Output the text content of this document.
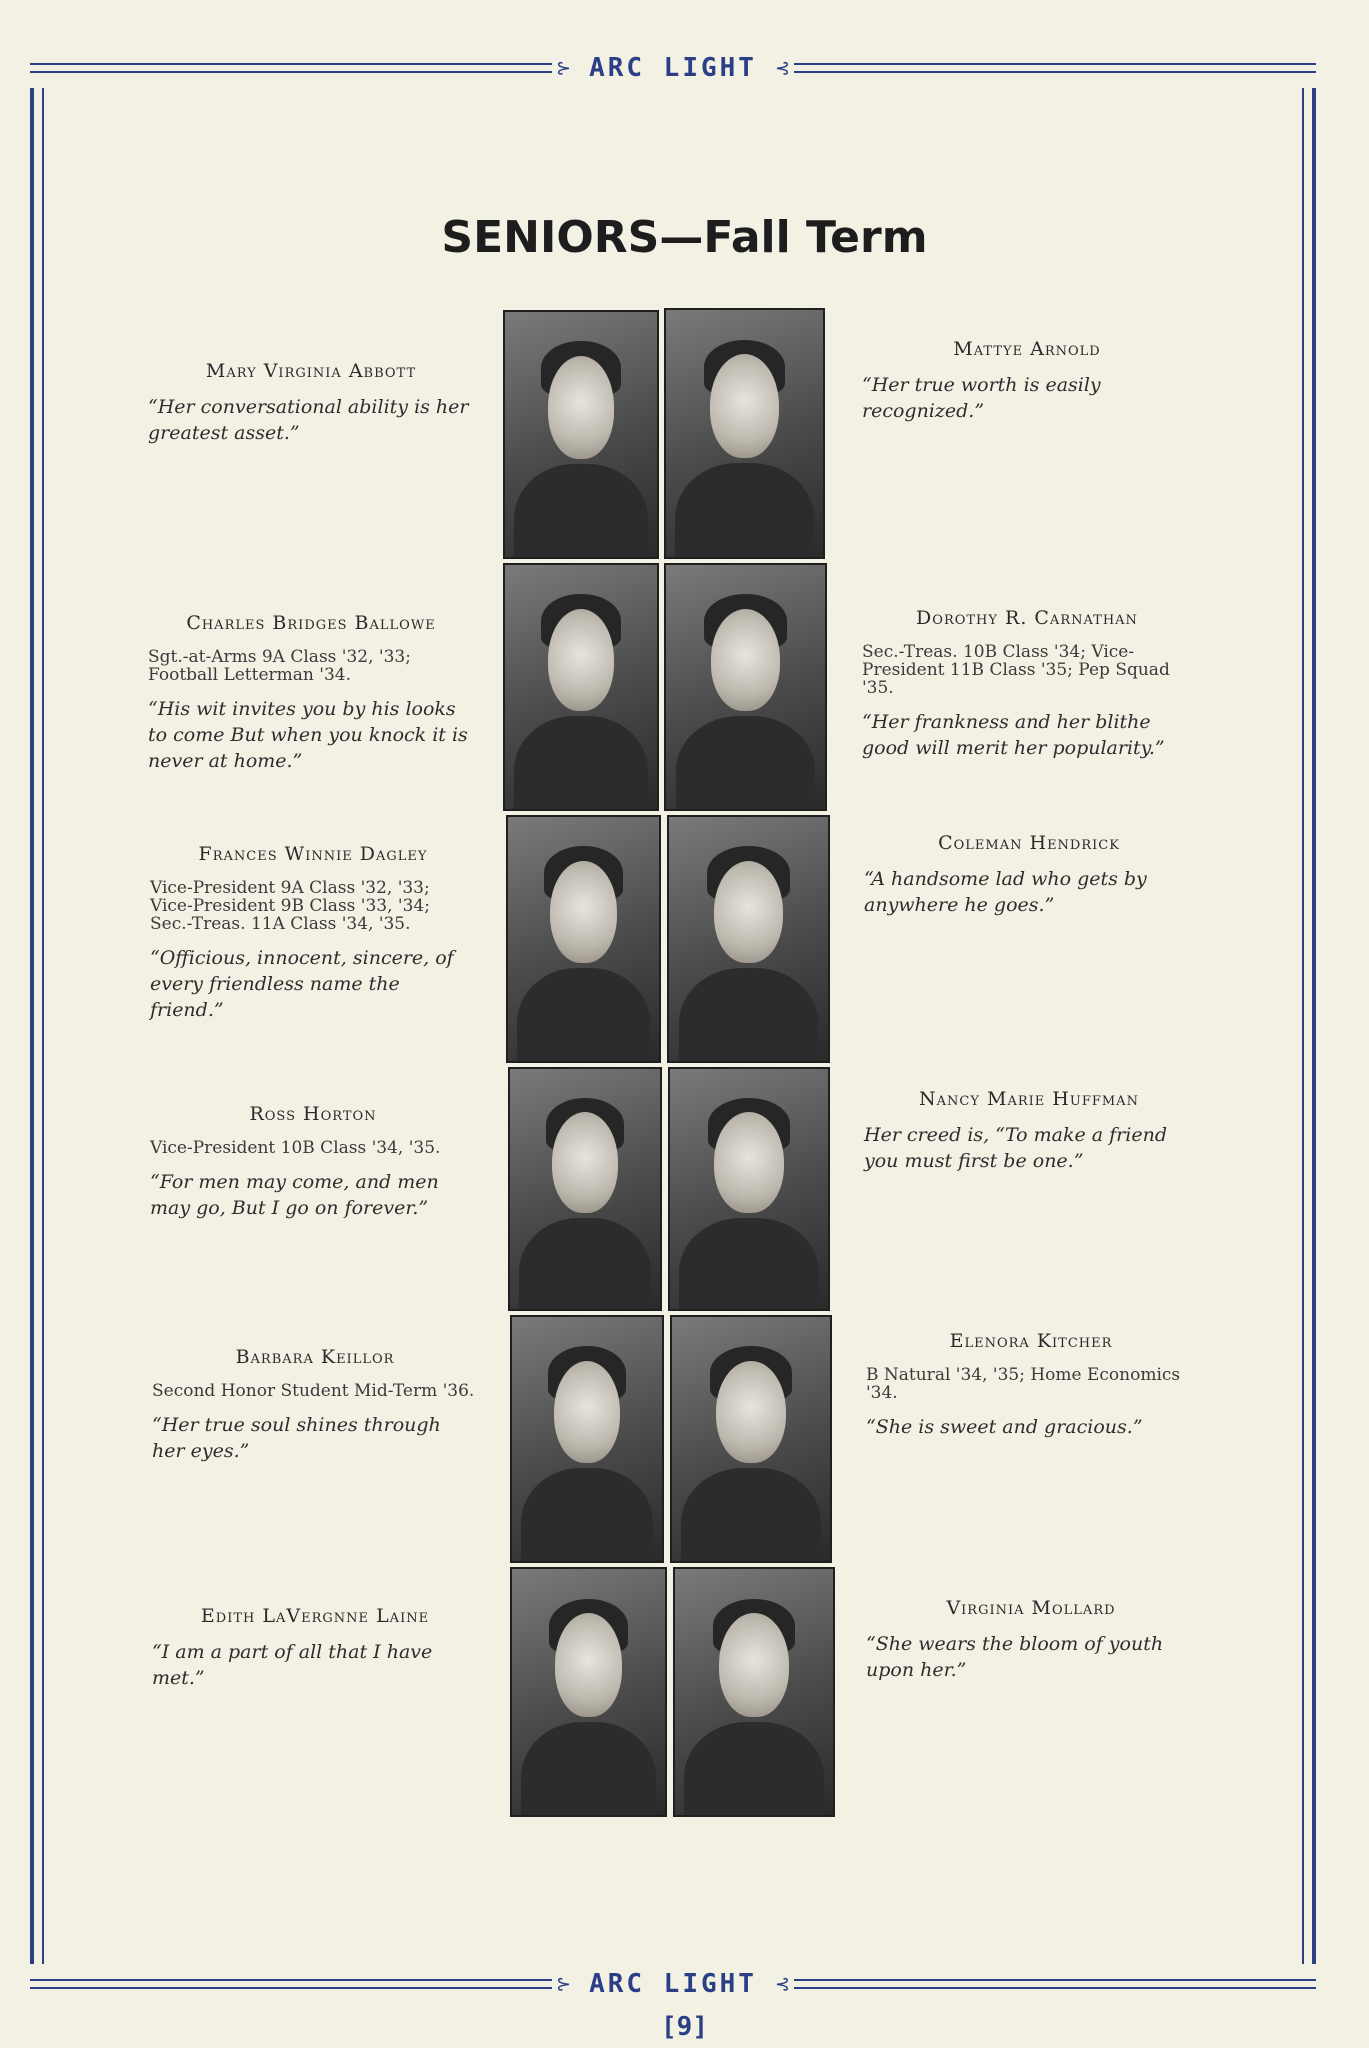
⊱ ARC LIGHT	⊰
SENIORS—Fall Term
Mary Virginia Abbott
“Her conversational ability is her greatest asset.”
Charles Bridges Ballowe
Sgt.-at-Arms 9A Class '32, '33; Football Letterman '34.
“His wit invites you by his looks to come But when you knock it is never at home.”
Frances Winnie Dagley
Vice-President 9A Class '32, '33; Vice-President 9B Class '33, '34; Sec.-Treas. 11A Class '34, '35.
“Officious, innocent, sincere, of every friendless name the friend.”
Ross Horton
Vice-President 10B Class '34, '35.
“For men may come, and men may go, But I go on forever.”
Barbara Keillor
Second Honor Student Mid-Term '36.
“Her true soul shines through her eyes.”
Edith LaVergnne Laine
“I am a part of all that I have met.”
Mattye Arnold
“Her true worth is easily recognized.”
Dorothy R. Carnathan
Sec.-Treas. 10B Class '34; Vice-President 11B Class '35; Pep Squad '35.
“Her frankness and her blithe good will merit her popularity.”
Coleman Hendrick
“A handsome lad who gets by anywhere he goes.”
Nancy Marie Huffman
Her creed is, “To make a friend you must first be one.”
Elenora Kitcher
B Natural '34, '35; Home Economics '34.
“She is sweet and gracious.”
Virginia Mollard
“She wears the bloom of youth upon her.”
⊱ ARC LIGHT	⊰
[9]
